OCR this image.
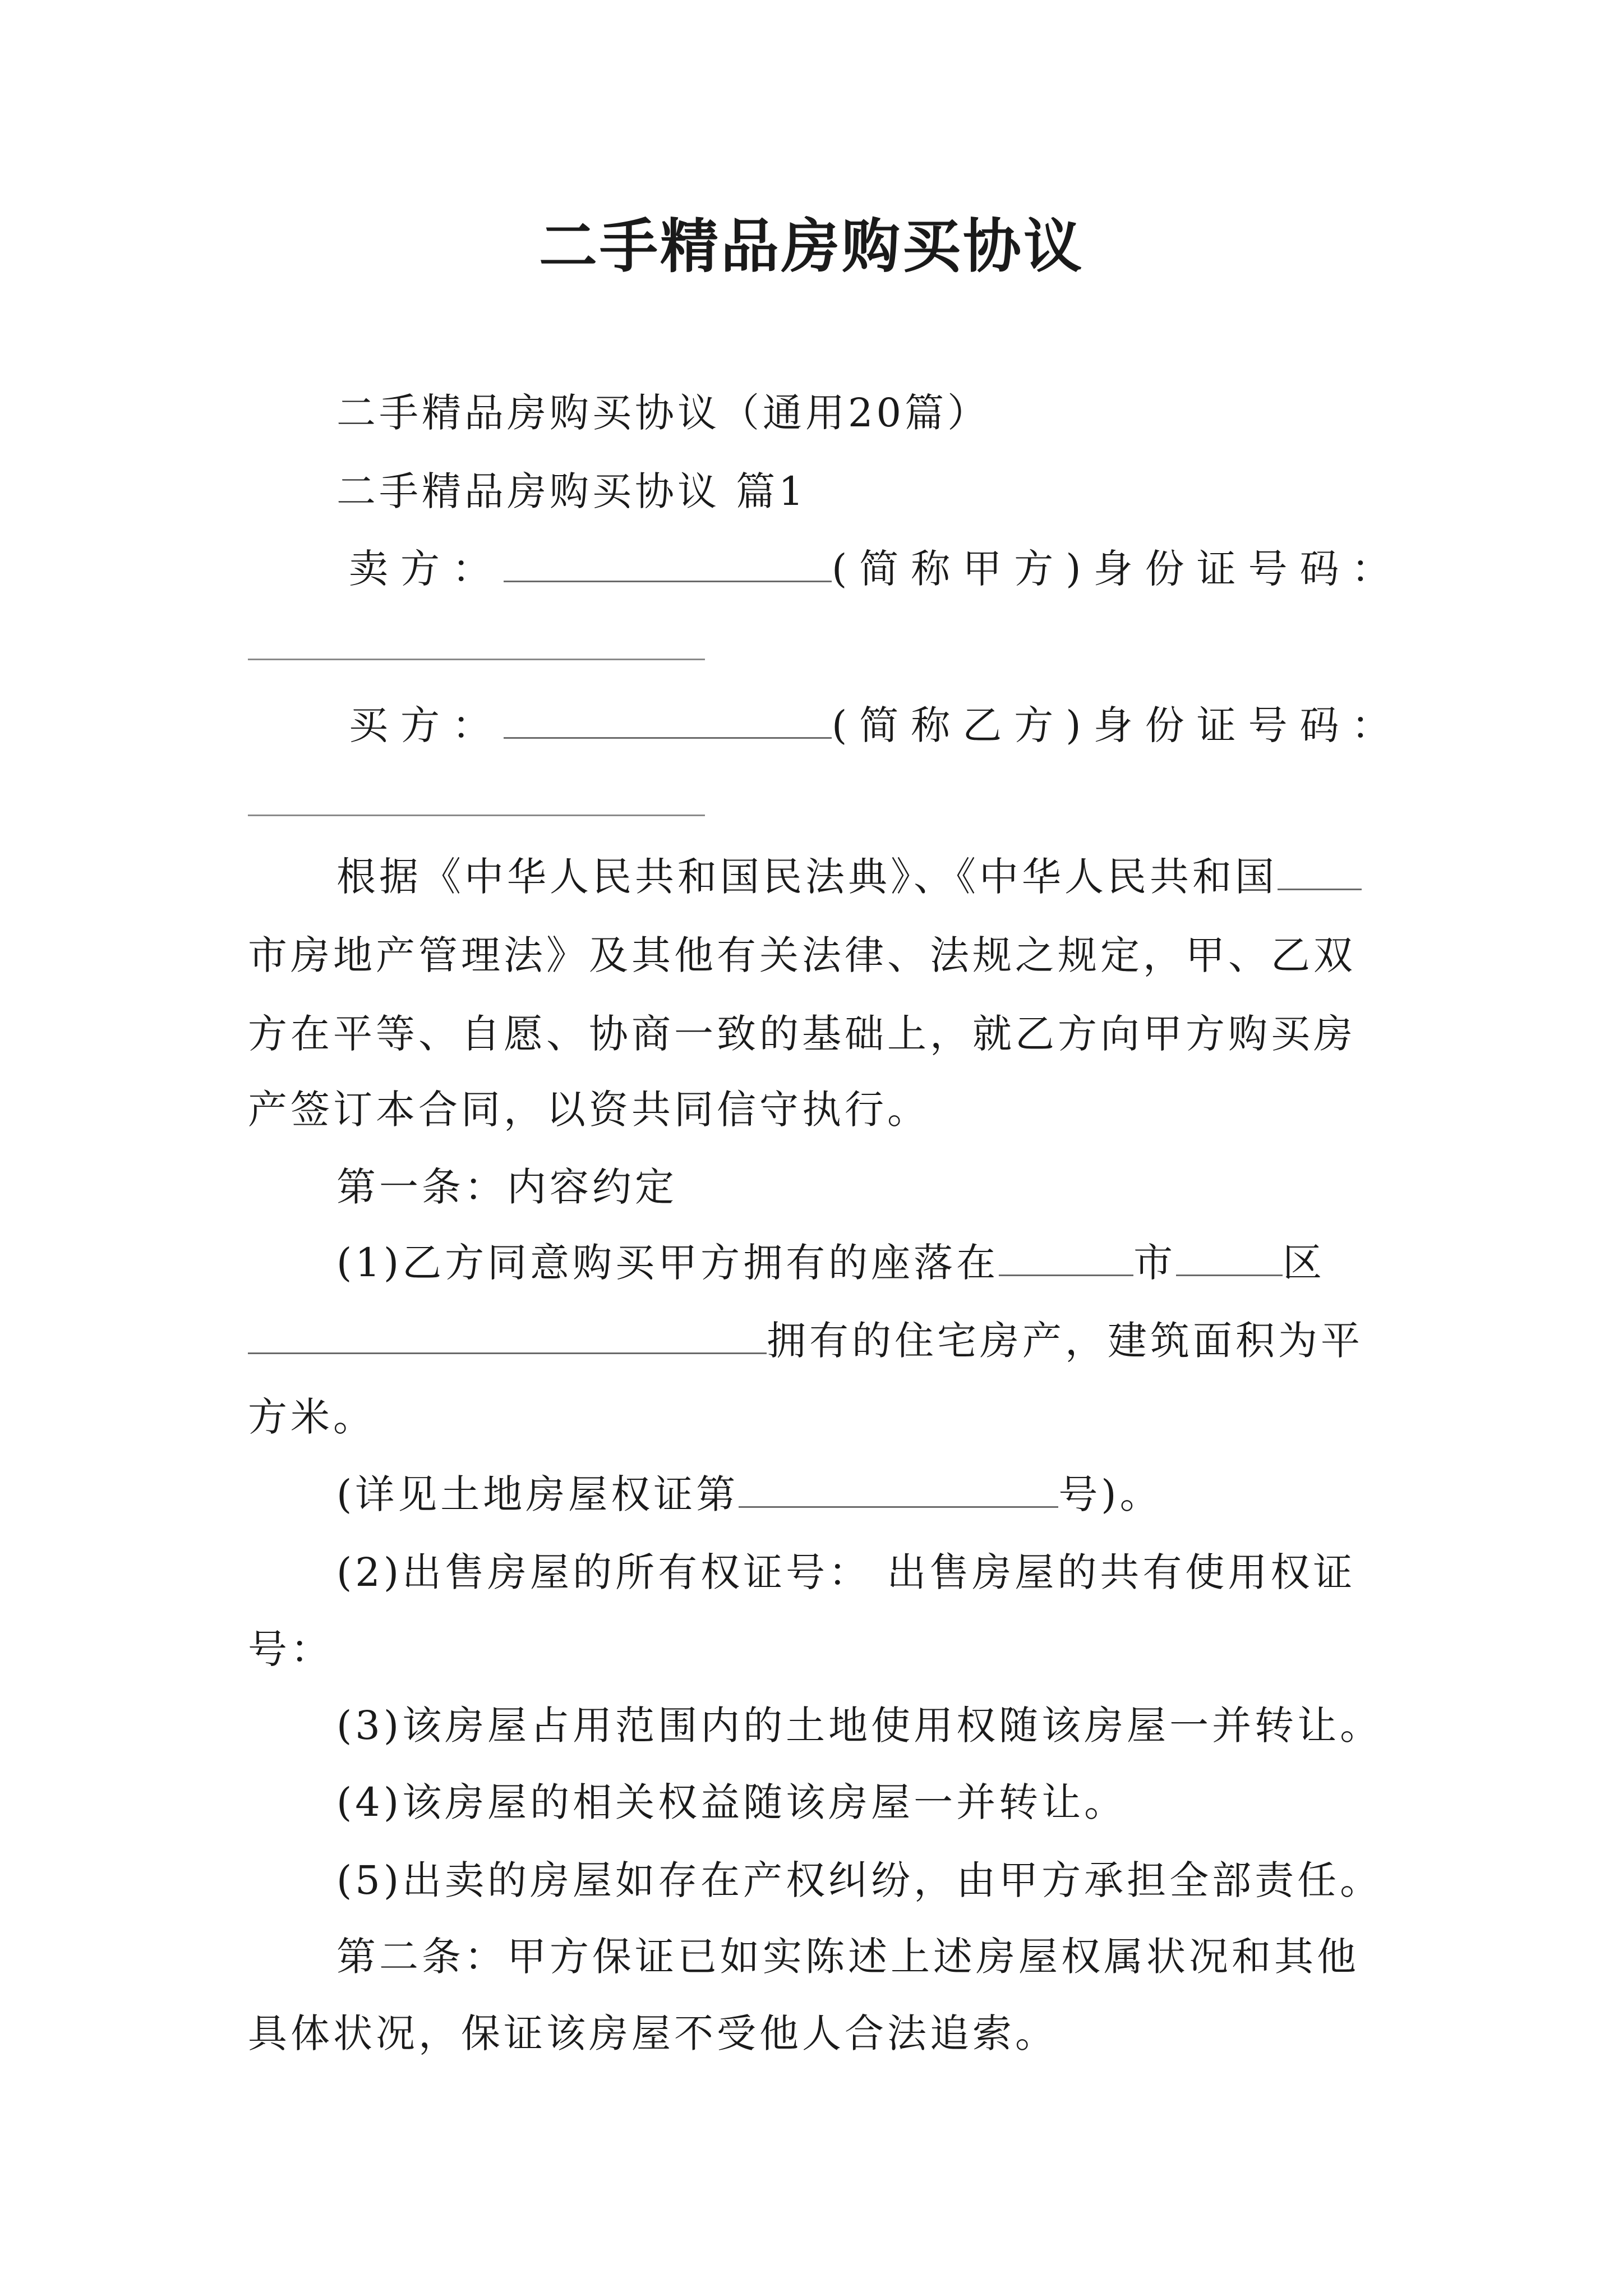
二手精品房购买协议
二手精品房购买协议（通用20篇）
二手精品房购买协议 篇1
卖方：	(简称甲方)身份证号码：
买方：	(简称乙方)身份证号码：
根据《中华人民共和国民法典》、《中华人民共和国
市房地产管理法》及其他有关法律、法规之规定，甲、乙双
方在平等、自愿、协商一致的基础上，就乙方向甲方购买房
产签订本合同，以资共同信守执行。
第一条：内容约定
(1)乙方同意购买甲方拥有的座落在	市	区
拥有的住宅房产，建筑面积为平
方米。
(详见土地房屋权证第	号)。
(2)出售房屋的所有权证号： 出售房屋的共有使用权证
号：
(3)该房屋占用范围内的土地使用权随该房屋一并转让。
(4)该房屋的相关权益随该房屋一并转让。
(5)出卖的房屋如存在产权纠纷，由甲方承担全部责任。
第二条：甲方保证已如实陈述上述房屋权属状况和其他
具体状况，保证该房屋不受他人合法追索。
